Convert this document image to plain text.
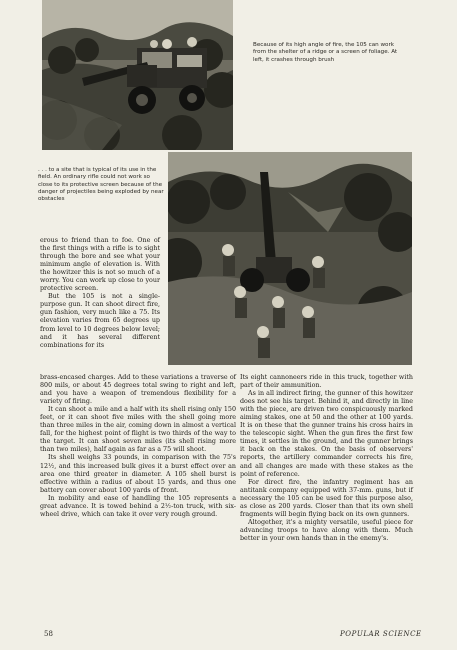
Because of its high angle of fire, the 105 can work from the shelter of a ridge or a screen of foliage. At left, it crashes through brush
. . . to a site that is typical of its use in the field. An ordinary rifle could not work so close to its protective screen because of the danger of projectiles being exploded by near obstacles

erous to friend than to foe. One of the first things with a rifle is to sight through the bore and see what your minimum angle of elevation is. With the howitzer this is not so much of a worry. You can work up close to your protective screen.

But the 105 is not a single-purpose gun. It can shoot direct fire, gun fashion, very much like a 75. Its elevation varies from 65 degrees up from level to 10 degrees below level; and it has several different combinations for its

brass-encased charges. Add to these variations a traverse of 800 mils, or about 45 degrees total swing to right and left, and you have a weapon of tremendous flexibility for a variety of firing.

It can shoot a mile and a half with its shell rising only 150 feet, or it can shoot five miles with the shell going more than three miles in the air, coming down in almost a vertical fall, for the highest point of flight is two thirds of the way to the target. It can shoot seven miles (its shell rising more than two miles), half again as far as a 75 will shoot.

Its shell weighs 33 pounds, in comparison with the 75's 12½, and this increased bulk gives it a burst effect over an area one third greater in diameter. A 105 shell burst is effective within a radius of about 15 yards, and thus one battery can cover about 100 yards of front.

In mobility and ease of handling the 105 represents a great advance. It is towed behind a 2½-ton truck, with six-wheel drive, which can take it over very rough ground.

Its eight cannoneers ride in this truck, together with part of their ammunition.

As in all indirect firing, the gunner of this howitzer does not see his target. Behind it, and directly in line with the piece, are driven two conspicuously marked aiming stakes, one at 50 and the other at 100 yards. It is on these that the gunner trains his cross hairs in the telescopic sight. When the gun fires the first few times, it settles in the ground, and the gunner brings it back on the stakes. On the basis of observers' reports, the artillery commander corrects his fire, and all changes are made with these stakes as the point of reference.

For direct fire, the infantry regiment has an antitank company equipped with 37-mm. guns, but if necessary the 105 can be used for this purpose also, as close as 200 yards. Closer than that its own shell fragments will begin flying back on its own gunners.

Altogether, it's a mighty versatile, useful piece for advancing troops to have along with them. Much better in your own hands than in the enemy's.

58	POPULAR SCIENCE
